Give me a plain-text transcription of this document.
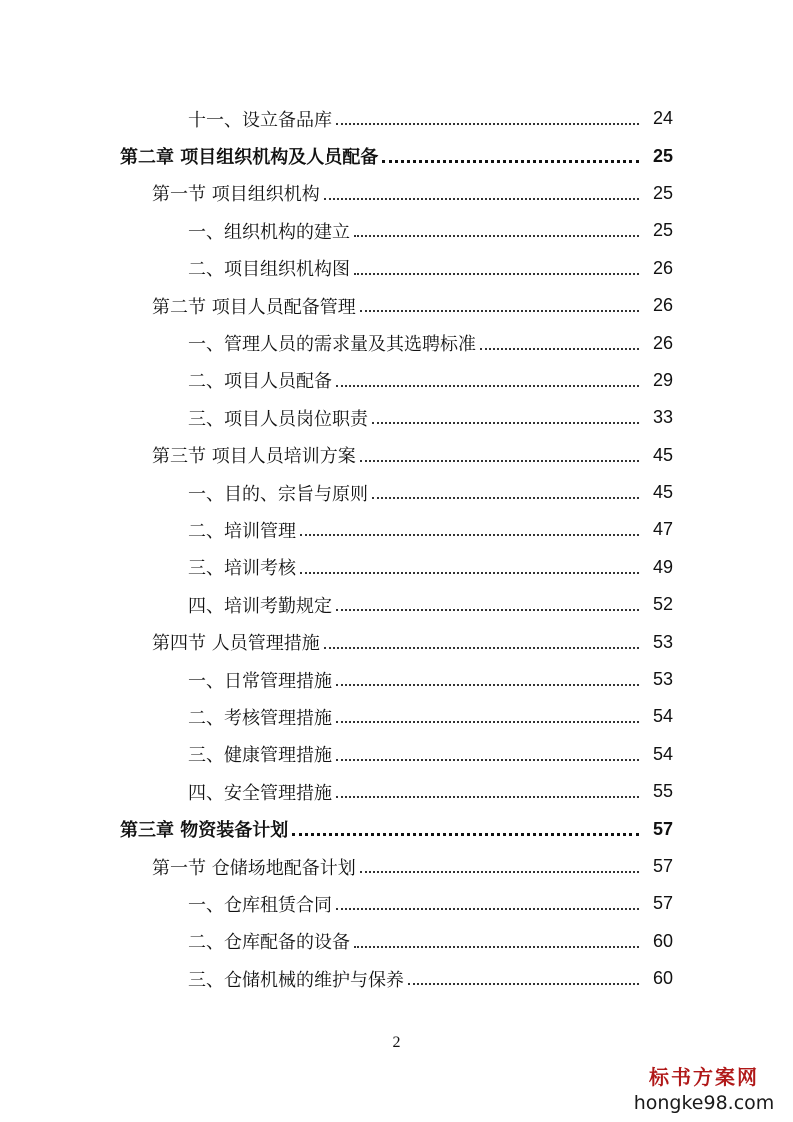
十一、设立备品库	24
第二章 项目组织机构及人员配备	25
第一节 项目组织机构	25
一、组织机构的建立	25
二、项目组织机构图	26
第二节 项目人员配备管理	26
一、管理人员的需求量及其选聘标准	26
二、项目人员配备	29
三、项目人员岗位职责	33
第三节 项目人员培训方案	45
一、目的、宗旨与原则	45
二、培训管理	47
三、培训考核	49
四、培训考勤规定	52
第四节 人员管理措施	53
一、日常管理措施	53
二、考核管理措施	54
三、健康管理措施	54
四、安全管理措施	55
第三章 物资装备计划	57
第一节 仓储场地配备计划	57
一、仓库租赁合同	57
二、仓库配备的设备	60
三、仓储机械的维护与保养	60
2
标书方案网
hongke98.com
